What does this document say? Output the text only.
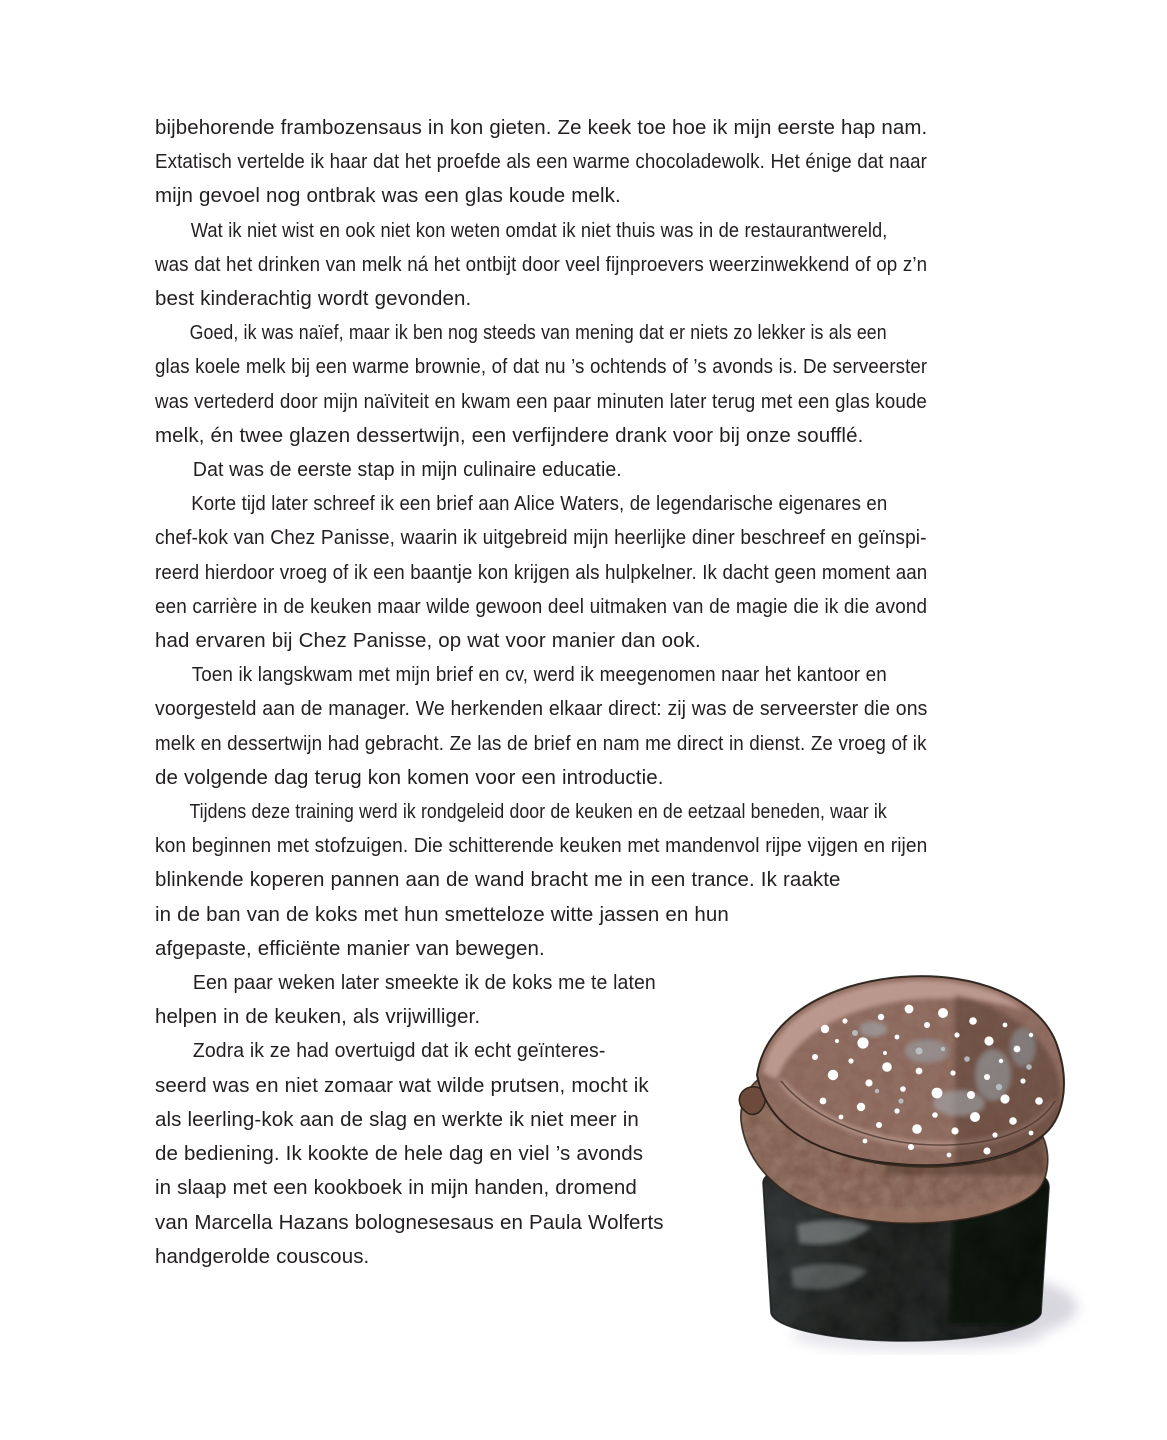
bijbehorende frambozensaus in kon gieten. Ze keek toe hoe ik mijn eerste hap nam.
Extatisch vertelde ik haar dat het proefde als een warme chocoladewolk. Het énige dat naar
mijn gevoel nog ontbrak was een glas koude melk.

Wat ik niet wist en ook niet kon weten omdat ik niet thuis was in de restaurantwereld,
was dat het drinken van melk ná het ontbijt door veel fijnproevers weerzinwekkend of op z’n
best kinderachtig wordt gevonden.

Goed, ik was naïef, maar ik ben nog steeds van mening dat er niets zo lekker is als een
glas koele melk bij een warme brownie, of dat nu ’s ochtends of ’s avonds is. De serveerster
was vertederd door mijn naïviteit en kwam een paar minuten later terug met een glas koude
melk, én twee glazen dessertwijn, een verfijndere drank voor bij onze soufflé.

Dat was de eerste stap in mijn culinaire educatie.

Korte tijd later schreef ik een brief aan Alice Waters, de legendarische eigenares en
chef-kok van Chez Panisse, waarin ik uitgebreid mijn heerlijke diner beschreef en geïnspi-
reerd hierdoor vroeg of ik een baantje kon krijgen als hulpkelner. Ik dacht geen moment aan
een carrière in de keuken maar wilde gewoon deel uitmaken van de magie die ik die avond
had ervaren bij Chez Panisse, op wat voor manier dan ook.

Toen ik langskwam met mijn brief en cv, werd ik meegenomen naar het kantoor en
voorgesteld aan de manager. We herkenden elkaar direct: zij was de serveerster die ons
melk en dessertwijn had gebracht. Ze las de brief en nam me direct in dienst. Ze vroeg of ik
de volgende dag terug kon komen voor een introductie.

Tijdens deze training werd ik rondgeleid door de keuken en de eetzaal beneden, waar ik
kon beginnen met stofzuigen. Die schitterende keuken met mandenvol rijpe vijgen en rijen
blinkende koperen pannen aan de wand bracht me in een trance. Ik raakte
in de ban van de koks met hun smetteloze witte jassen en hun
afgepaste, efficiënte manier van bewegen.

Een paar weken later smeekte ik de koks me te laten
helpen in de keuken, als vrijwilliger.

Zodra ik ze had overtuigd dat ik echt geïnteres-
seerd was en niet zomaar wat wilde prutsen, mocht ik
als leerling-kok aan de slag en werkte ik niet meer in
de bediening. Ik kookte de hele dag en viel ’s avonds
in slaap met een kookboek in mijn handen, dromend
van Marcella Hazans bolognesesaus en Paula Wolferts
handgerolde couscous.
